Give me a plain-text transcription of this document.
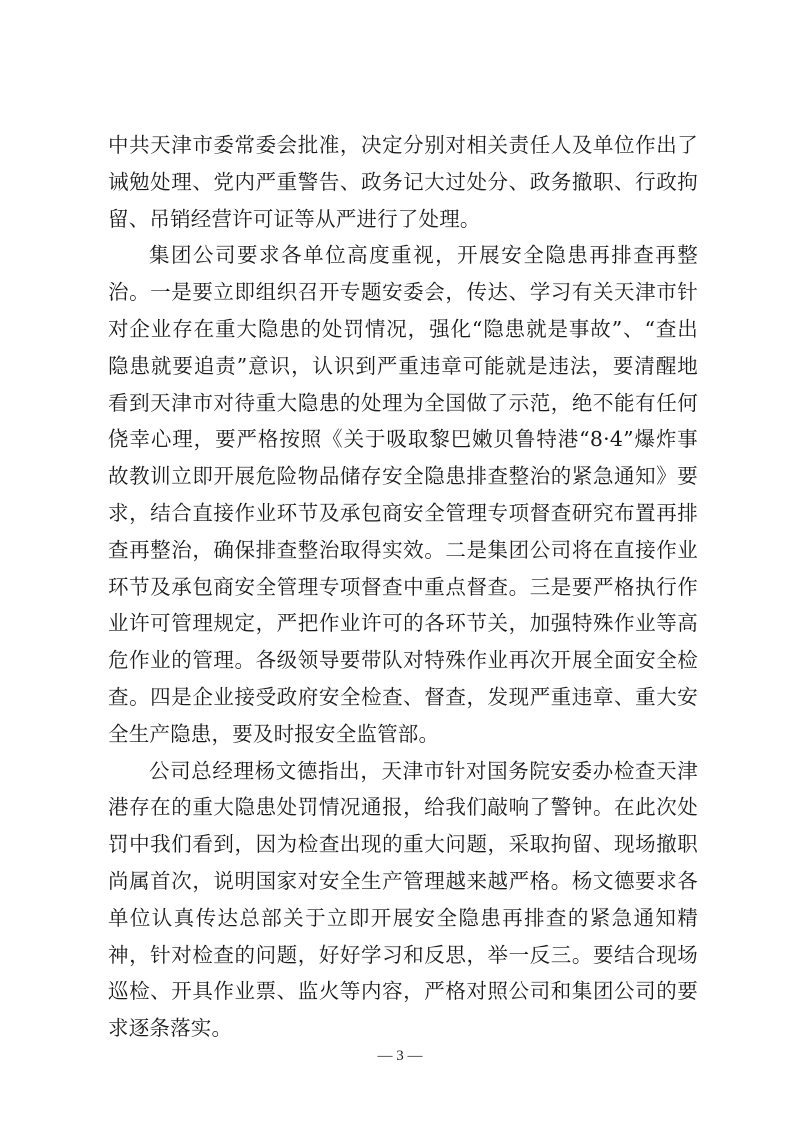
中共天津市委常委会批准，决定分别对相关责任人及单位作出了诫勉处理、党内严重警告、政务记大过处分、政务撤职、行政拘留、吊销经营许可证等从严进行了处理。

集团公司要求各单位高度重视，开展安全隐患再排查再整治。一是要立即组织召开专题安委会，传达、学习有关天津市针对企业存在重大隐患的处罚情况，强化“隐患就是事故”、“查出隐患就要追责”意识，认识到严重违章可能就是违法，要清醒地看到天津市对待重大隐患的处理为全国做了示范，绝不能有任何侥幸心理，要严格按照《关于吸取黎巴嫩贝鲁特港“8·4”爆炸事故教训立即开展危险物品储存安全隐患排查整治的紧急通知》要求，结合直接作业环节及承包商安全管理专项督查研究布置再排查再整治，确保排查整治取得实效。二是集团公司将在直接作业环节及承包商安全管理专项督查中重点督查。三是要严格执行作业许可管理规定，严把作业许可的各环节关，加强特殊作业等高危作业的管理。各级领导要带队对特殊作业再次开展全面安全检查。四是企业接受政府安全检查、督查，发现严重违章、重大安全生产隐患，要及时报安全监管部。

公司总经理杨文德指出，天津市针对国务院安委办检查天津港存在的重大隐患处罚情况通报，给我们敲响了警钟。在此次处罚中我们看到，因为检查出现的重大问题，采取拘留、现场撤职尚属首次，说明国家对安全生产管理越来越严格。杨文德要求各单位认真传达总部关于立即开展安全隐患再排查的紧急通知精神，针对检查的问题，好好学习和反思，举一反三。要结合现场巡检、开具作业票、监火等内容，严格对照公司和集团公司的要求逐条落实。

— 3 —
